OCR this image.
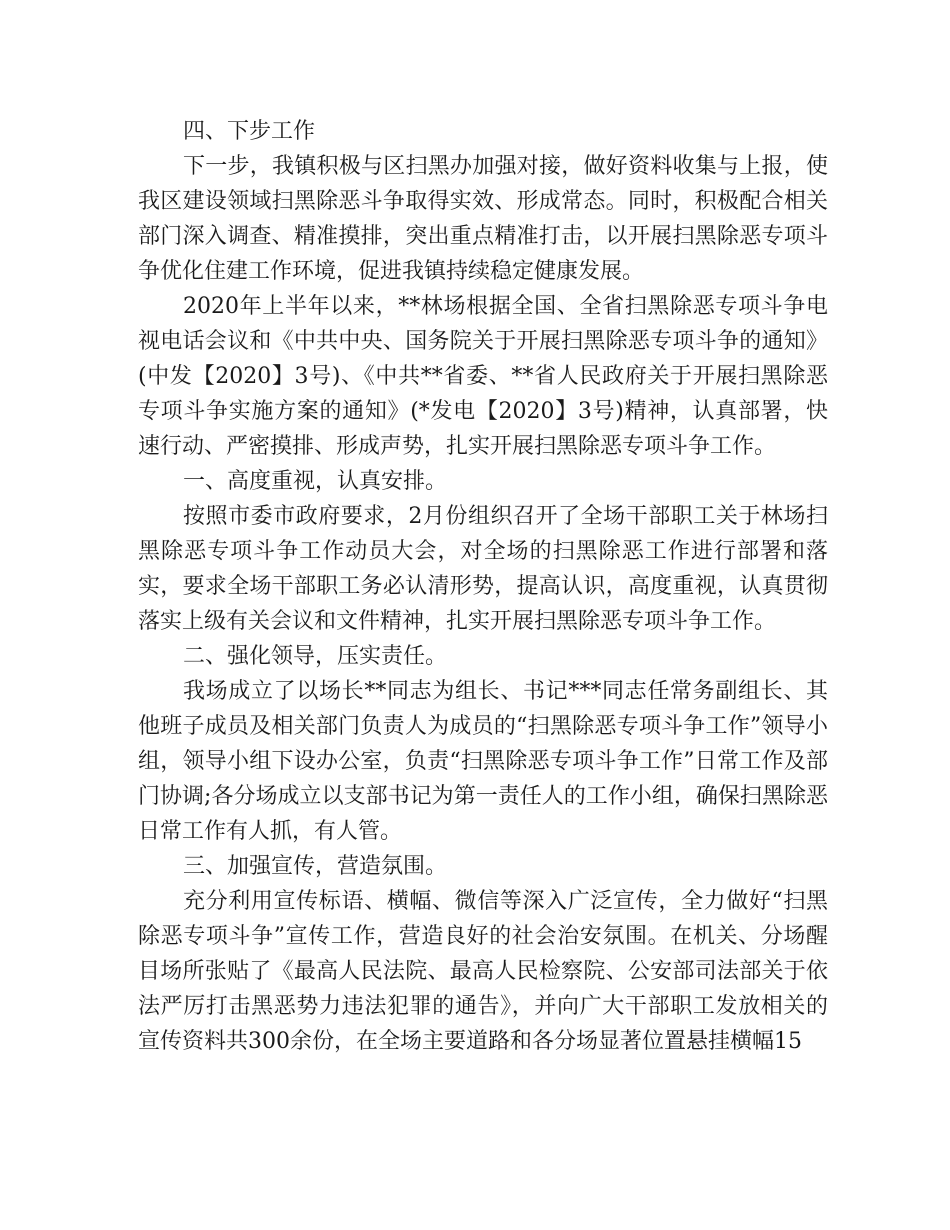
四、下步工作

下一步，我镇积极与区扫黑办加强对接，做好资料收集与上报，使我区建设领域扫黑除恶斗争取得实效、形成常态。同时，积极配合相关部门深入调查、精准摸排，突出重点精准打击，以开展扫黑除恶专项斗争优化住建工作环境，促进我镇持续稳定健康发展。

2020年上半年以来，**林场根据全国、全省扫黑除恶专项斗争电视电话会议和《中共中央、国务院关于开展扫黑除恶专项斗争的通知》(中发【2020】3号)、《中共**省委、**省人民政府关于开展扫黑除恶专项斗争实施方案的通知》(*发电【2020】3号)精神，认真部署，快速行动、严密摸排、形成声势，扎实开展扫黑除恶专项斗争工作。

一、高度重视，认真安排。

按照市委市政府要求，2月份组织召开了全场干部职工关于林场扫黑除恶专项斗争工作动员大会，对全场的扫黑除恶工作进行部署和落实，要求全场干部职工务必认清形势，提高认识，高度重视，认真贯彻落实上级有关会议和文件精神，扎实开展扫黑除恶专项斗争工作。

二、强化领导，压实责任。

我场成立了以场长**同志为组长、书记***同志任常务副组长、其他班子成员及相关部门负责人为成员的“扫黑除恶专项斗争工作”领导小组，领导小组下设办公室，负责“扫黑除恶专项斗争工作”日常工作及部门协调;各分场成立以支部书记为第一责任人的工作小组，确保扫黑除恶日常工作有人抓，有人管。

三、加强宣传，营造氛围。

充分利用宣传标语、横幅、微信等深入广泛宣传，全力做好“扫黑除恶专项斗争”宣传工作，营造良好的社会治安氛围。在机关、分场醒目场所张贴了《最高人民法院、最高人民检察院、公安部司法部关于依法严厉打击黑恶势力违法犯罪的通告》，并向广大干部职工发放相关的宣传资料共300余份，在全场主要道路和各分场显著位置悬挂横幅15
